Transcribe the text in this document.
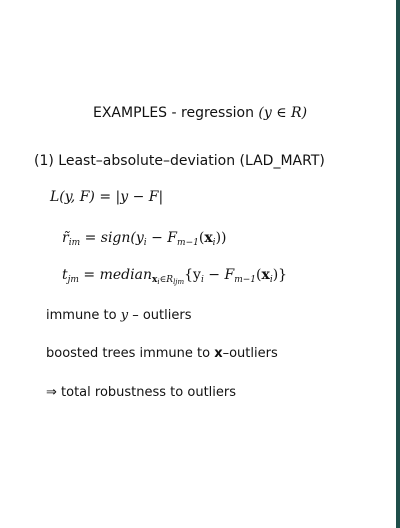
EXAMPLES - regression (y ∈ R)
(1) Least–absolute–deviation (LAD_MART)
L(y, F) = |y − F|
$r̃_{im}$ = $sign(y_i - F_{m-1}(x_i))$
$t_{jm}$ = $median_{x_i\in R_{ljm}}\{y_i - F_{m-1}(x_i)\}$
immune to y – outliers
boosted trees immune to x–outliers
⇒ total robustness to outliers
